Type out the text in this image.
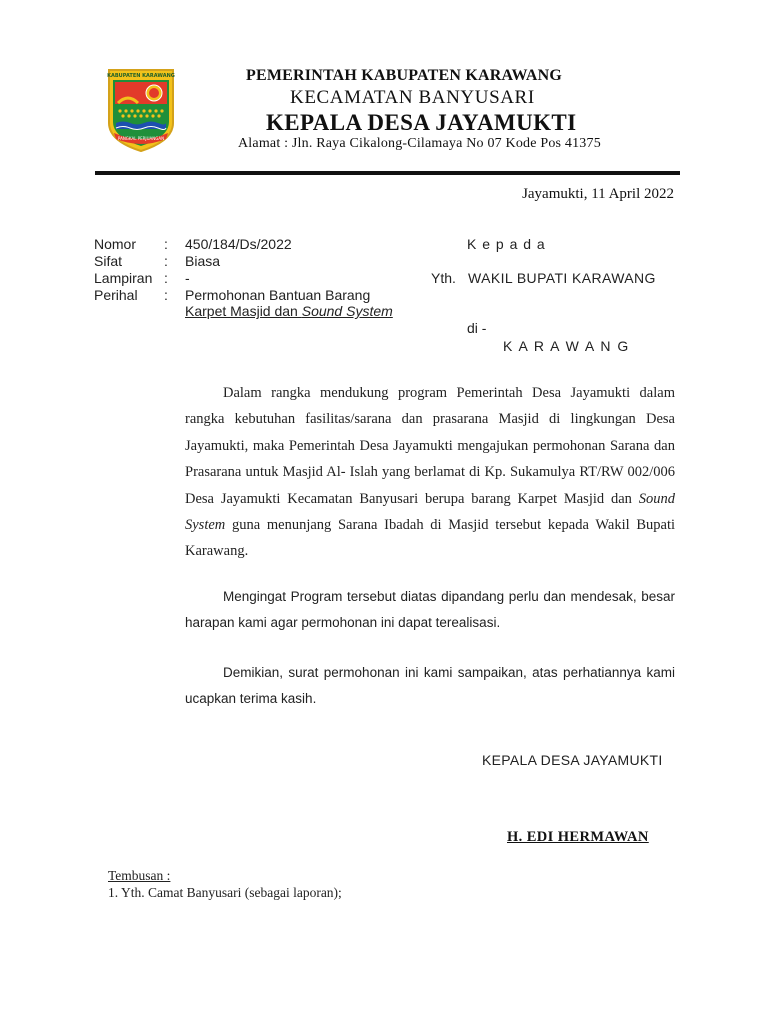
KABUPATEN KARAWANG
PANGKAL PERJUANGAN
PEMERINTAH KABUPATEN KARAWANG
KECAMATAN BANYUSARI
KEPALA DESA JAYAMUKTI
Alamat : Jln. Raya Cikalong-Cilamaya No 07 Kode Pos 41375
Jayamukti, 11 April 2022
Nomor : 450/184/Ds/2022
Sifat	: Biasa
Lampiran : -
Perihal : Permohonan Bantuan Barang
Karpet Masjid dan Sound System
K e p a d a
Yth. WAKIL BUPATI KARAWANG
di -
K A R A W A N G

Dalam rangka mendukung program Pemerintah Desa Jayamukti dalam rangka kebutuhan fasilitas/sarana dan prasarana Masjid di lingkungan Desa Jayamukti, maka Pemerintah Desa Jayamukti mengajukan permohonan Sarana dan Prasarana untuk Masjid Al- Islah yang berlamat di Kp. Sukamulya RT/RW 002/006 Desa Jayamukti Kecamatan Banyusari berupa barang Karpet Masjid dan Sound System guna menunjang Sarana Ibadah di Masjid tersebut kepada Wakil Bupati Karawang.

Mengingat Program tersebut diatas dipandang perlu dan mendesak, besar harapan kami agar permohonan ini dapat terealisasi.

Demikian, surat permohonan ini kami sampaikan, atas perhatiannya kami ucapkan terima kasih.

KEPALA DESA JAYAMUKTI
H. EDI HERMAWAN
Tembusan :
1. Yth. Camat Banyusari (sebagai laporan);
